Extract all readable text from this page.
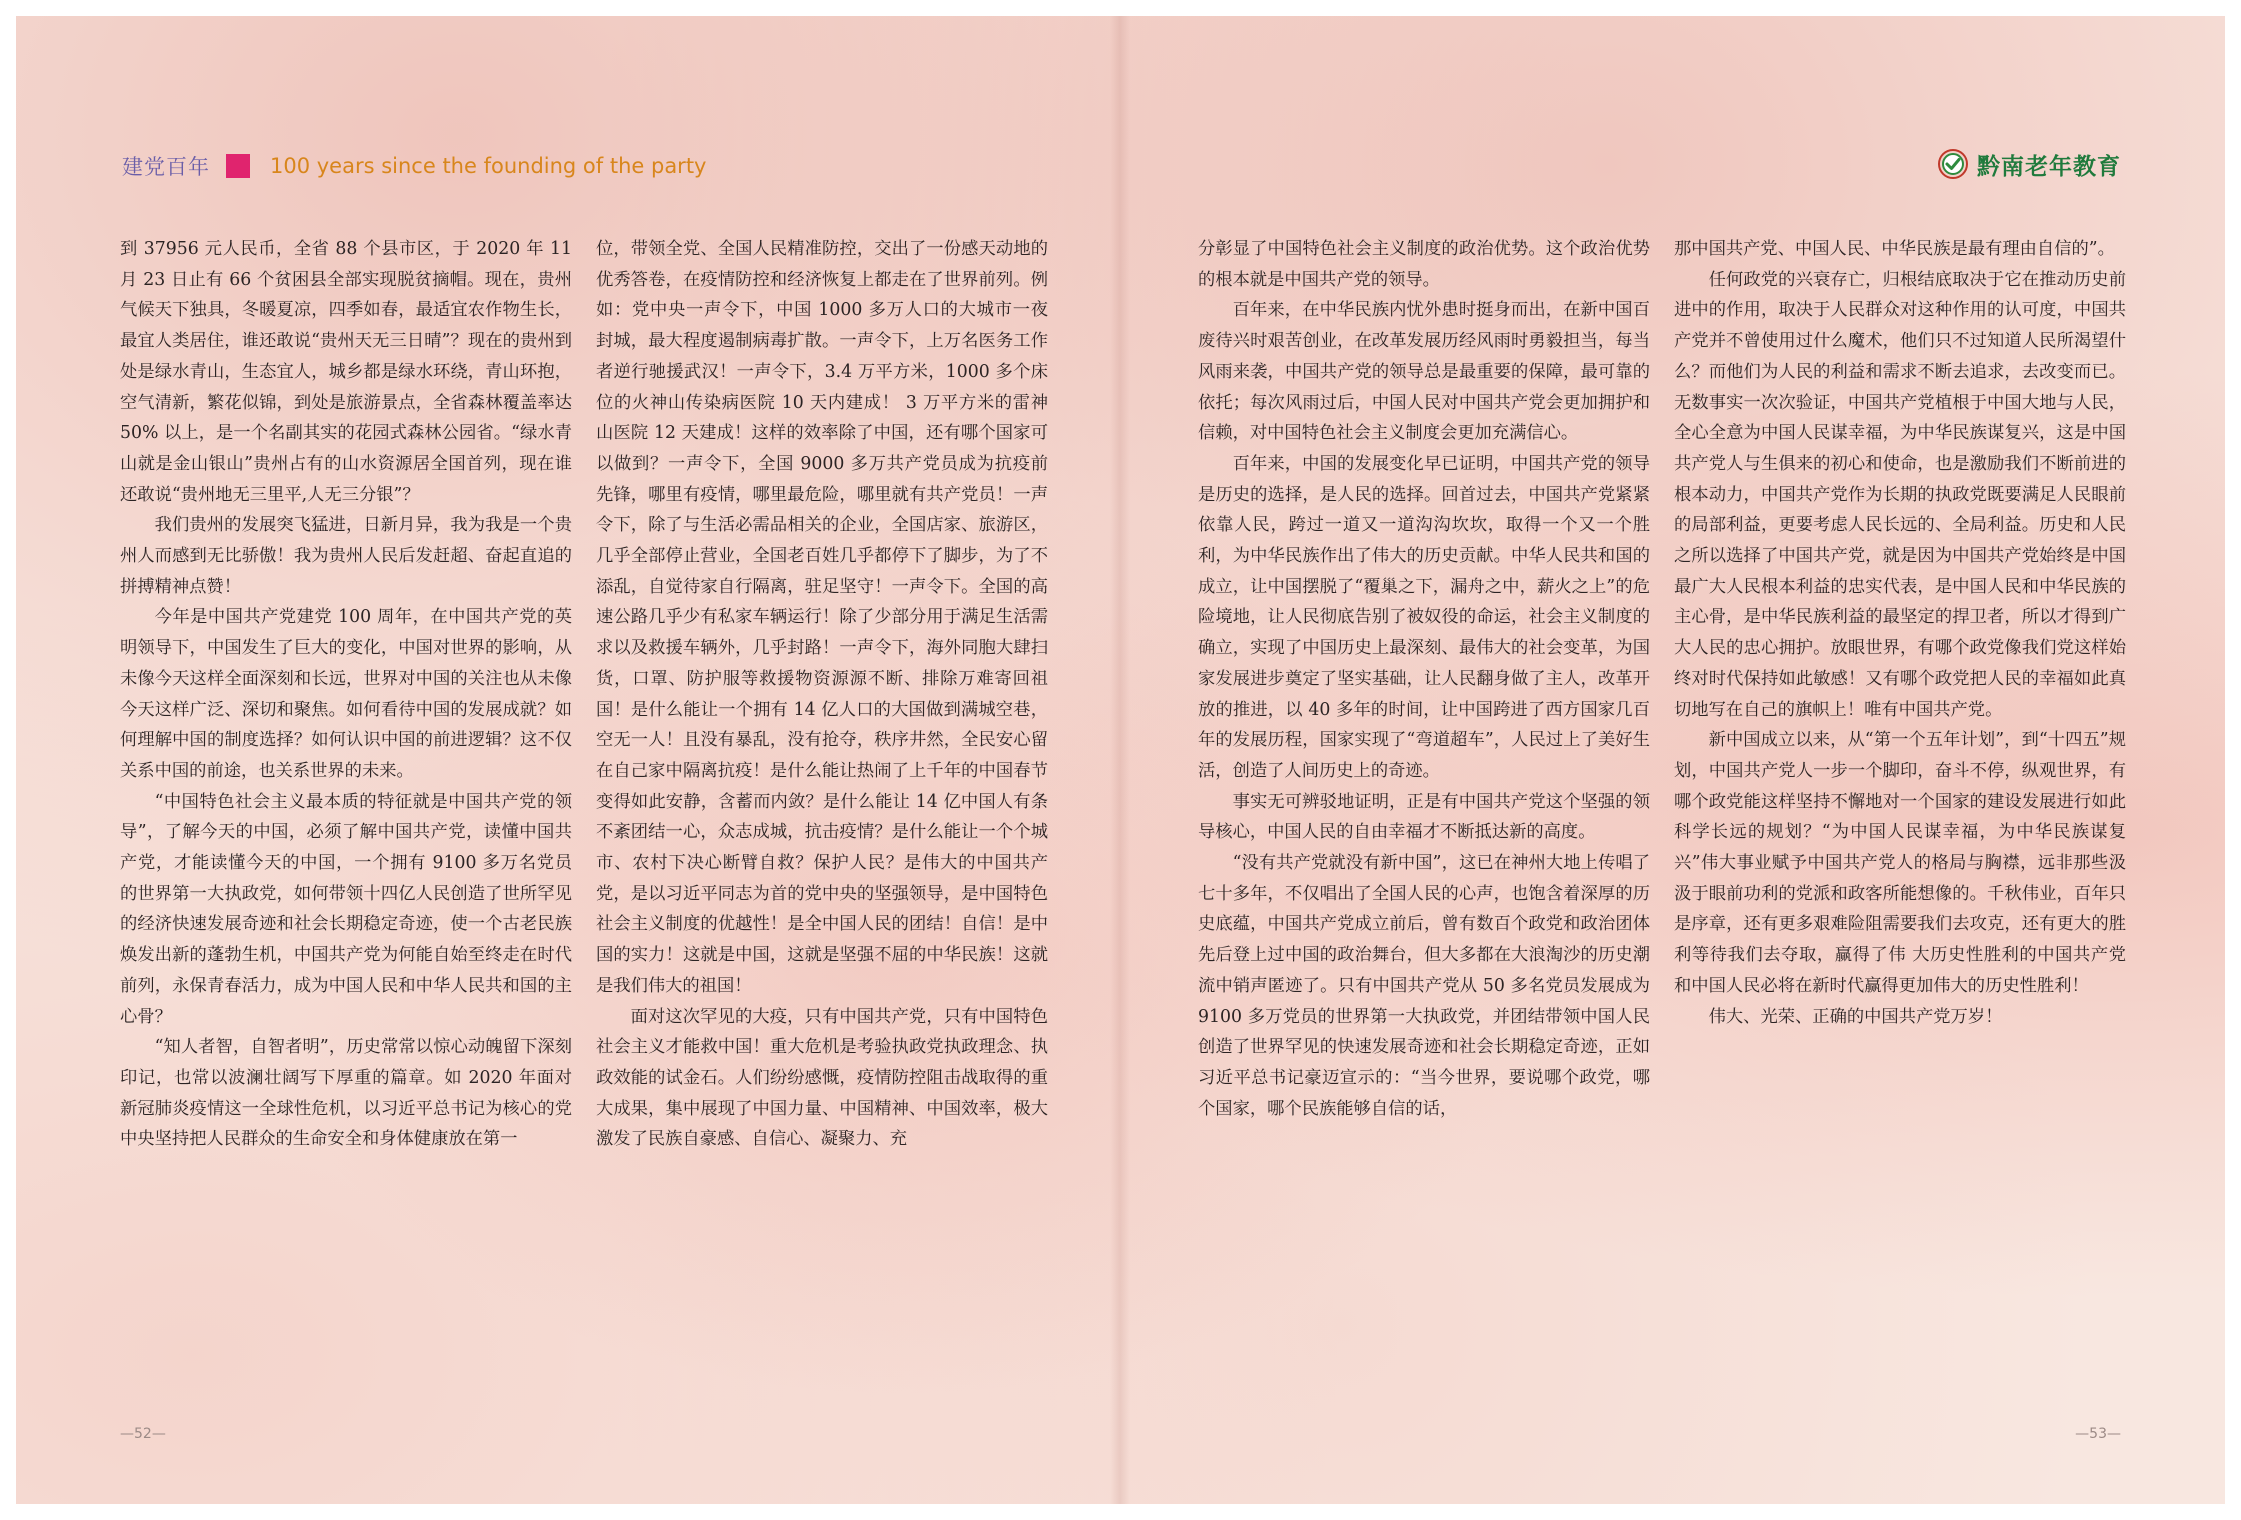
建党百年	100 years since the founding of the party	黔南老年教育

到 37956 元人民币，全省 88 个县市区，于 2020 年 11 月 23 日止有 66 个贫困县全部实现脱贫摘帽。现在，贵州气候天下独具，冬暖夏凉，四季如春，最适宜农作物生长，最宜人类居住，谁还敢说“贵州天无三日晴”？现在的贵州到处是绿水青山，生态宜人，城乡都是绿水环绕，青山环抱，空气清新，繁花似锦，到处是旅游景点，全省森林覆盖率达 50% 以上，是一个名副其实的花园式森林公园省。“绿水青山就是金山银山”贵州占有的山水资源居全国首列，现在谁还敢说“贵州地无三里平,人无三分银”？

我们贵州的发展突飞猛进，日新月异，我为我是一个贵州人而感到无比骄傲！我为贵州人民后发赶超、奋起直追的拼搏精神点赞！

今年是中国共产党建党 100 周年，在中国共产党的英明领导下，中国发生了巨大的变化，中国对世界的影响，从未像今天这样全面深刻和长远，世界对中国的关注也从未像今天这样广泛、深切和聚焦。如何看待中国的发展成就？如何理解中国的制度选择？如何认识中国的前进逻辑？这不仅关系中国的前途，也关系世界的未来。

“中国特色社会主义最本质的特征就是中国共产党的领导”，了解今天的中国，必须了解中国共产党，读懂中国共产党，才能读懂今天的中国，一个拥有 9100 多万名党员的世界第一大执政党，如何带领十四亿人民创造了世所罕见的经济快速发展奇迹和社会长期稳定奇迹，使一个古老民族焕发出新的蓬勃生机，中国共产党为何能自始至终走在时代前列，永保青春活力，成为中国人民和中华人民共和国的主心骨？

“知人者智，自智者明”，历史常常以惊心动魄留下深刻印记，也常以波澜壮阔写下厚重的篇章。如 2020 年面对新冠肺炎疫情这一全球性危机，以习近平总书记为核心的党中央坚持把人民群众的生命安全和身体健康放在第一

位，带领全党、全国人民精准防控，交出了一份感天动地的优秀答卷，在疫情防控和经济恢复上都走在了世界前列。例如：党中央一声令下，中国 1000 多万人口的大城市一夜封城，最大程度遏制病毒扩散。一声令下，上万名医务工作者逆行驰援武汉！一声令下，3.4 万平方米，1000 多个床位的火神山传染病医院 10 天内建成！ 3 万平方米的雷神山医院 12 天建成！这样的效率除了中国，还有哪个国家可以做到？一声令下，全国 9000 多万共产党员成为抗疫前先锋，哪里有疫情，哪里最危险，哪里就有共产党员！一声令下，除了与生活必需品相关的企业，全国店家、旅游区，几乎全部停止营业，全国老百姓几乎都停下了脚步，为了不添乱，自觉待家自行隔离，驻足坚守！一声令下。全国的高速公路几乎少有私家车辆运行！除了少部分用于满足生活需求以及救援车辆外，几乎封路！一声令下，海外同胞大肆扫货，口罩、防护服等救援物资源源不断、排除万难寄回祖国！是什么能让一个拥有 14 亿人口的大国做到满城空巷，空无一人！且没有暴乱，没有抢夺，秩序井然，全民安心留在自己家中隔离抗疫！是什么能让热闹了上千年的中国春节变得如此安静，含蓄而内敛？是什么能让 14 亿中国人有条不紊团结一心，众志成城，抗击疫情？是什么能让一个个城市、农村下决心断臂自救？保护人民？是伟大的中国共产党，是以习近平同志为首的党中央的坚强领导，是中国特色社会主义制度的优越性！是全中国人民的团结！自信！是中国的实力！这就是中国，这就是坚强不屈的中华民族！这就是我们伟大的祖国！

面对这次罕见的大疫，只有中国共产党，只有中国特色社会主义才能救中国！重大危机是考验执政党执政理念、执政效能的试金石。人们纷纷感慨，疫情防控阻击战取得的重大成果，集中展现了中国力量、中国精神、中国效率，极大激发了民族自豪感、自信心、凝聚力、充

分彰显了中国特色社会主义制度的政治优势。这个政治优势的根本就是中国共产党的领导。

百年来，在中华民族内忧外患时挺身而出，在新中国百废待兴时艰苦创业，在改革发展历经风雨时勇毅担当，每当风雨来袭，中国共产党的领导总是最重要的保障，最可靠的依托；每次风雨过后，中国人民对中国共产党会更加拥护和信赖，对中国特色社会主义制度会更加充满信心。

百年来，中国的发展变化早已证明，中国共产党的领导是历史的选择，是人民的选择。回首过去，中国共产党紧紧依靠人民，跨过一道又一道沟沟坎坎，取得一个又一个胜利，为中华民族作出了伟大的历史贡献。中华人民共和国的成立，让中国摆脱了“覆巢之下，漏舟之中，薪火之上”的危险境地，让人民彻底告别了被奴役的命运，社会主义制度的确立，实现了中国历史上最深刻、最伟大的社会变革，为国家发展进步奠定了坚实基础，让人民翻身做了主人，改革开放的推进，以 40 多年的时间，让中国跨进了西方国家几百年的发展历程，国家实现了“弯道超车”，人民过上了美好生活，创造了人间历史上的奇迹。

事实无可辨驳地证明，正是有中国共产党这个坚强的领导核心，中国人民的自由幸福才不断抵达新的高度。

“没有共产党就没有新中国”，这已在神州大地上传唱了七十多年，不仅唱出了全国人民的心声，也饱含着深厚的历史底蕴，中国共产党成立前后，曾有数百个政党和政治团体先后登上过中国的政治舞台，但大多都在大浪淘沙的历史潮流中销声匿迹了。只有中国共产党从 50 多名党员发展成为 9100 多万党员的世界第一大执政党，并团结带领中国人民创造了世界罕见的快速发展奇迹和社会长期稳定奇迹，正如习近平总书记豪迈宣示的：“当今世界，要说哪个政党，哪个国家，哪个民族能够自信的话，

那中国共产党、中国人民、中华民族是最有理由自信的”。

任何政党的兴衰存亡，归根结底取决于它在推动历史前进中的作用，取决于人民群众对这种作用的认可度，中国共产党并不曾使用过什么魔术，他们只不过知道人民所渴望什么？而他们为人民的利益和需求不断去追求，去改变而已。无数事实一次次验证，中国共产党植根于中国大地与人民，全心全意为中国人民谋幸福，为中华民族谋复兴，这是中国共产党人与生俱来的初心和使命，也是激励我们不断前进的根本动力，中国共产党作为长期的执政党既要满足人民眼前的局部利益，更要考虑人民长远的、全局利益。历史和人民之所以选择了中国共产党，就是因为中国共产党始终是中国最广大人民根本利益的忠实代表，是中国人民和中华民族的主心骨，是中华民族利益的最坚定的捍卫者，所以才得到广大人民的忠心拥护。放眼世界，有哪个政党像我们党这样始终对时代保持如此敏感！又有哪个政党把人民的幸福如此真切地写在自己的旗帜上！唯有中国共产党。

新中国成立以来，从“第一个五年计划”，到“十四五”规划，中国共产党人一步一个脚印，奋斗不停，纵观世界，有哪个政党能这样坚持不懈地对一个国家的建设发展进行如此科学长远的规划？“为中国人民谋幸福，为中华民族谋复兴”伟大事业赋予中国共产党人的格局与胸襟，远非那些汲汲于眼前功利的党派和政客所能想像的。千秋伟业，百年只是序章，还有更多艰难险阻需要我们去攻克，还有更大的胜利等待我们去夺取，赢得了伟 大历史性胜利的中国共产党和中国人民必将在新时代赢得更加伟大的历史性胜利！

伟大、光荣、正确的中国共产党万岁！

—52—	—53—
